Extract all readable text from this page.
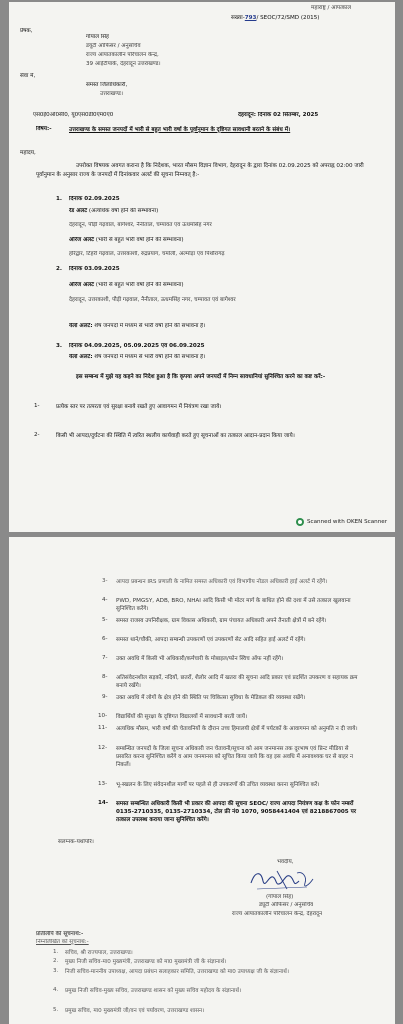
महाराष्ट्र / आपत्काल
संख्या-793/ SEOC/72/SMD (2015)
प्रेषक,
गोपाल सिंह
डयूटी ऑफिसर / अनुसचिव
राज्य आपातकालीन परिचालन केन्द्र,
39 आईटीपार्क, देहरादून उत्तराखण्ड।
सेवा में,
समस्त जिलाधिकारी,
उत्तराखण्ड।
एस0ई0ओ0सी0, यू0एस0डी0एम0ए0	देहरादून: दिनांक 02 सितम्बर, 2025
विषय:-	उत्तराखण्ड के समस्त जनपदों में भारी से बहुत भारी वर्षा के पूर्वानुमान के दृष्टिगत सावधानी बरतने के संबंध में।
महोदय,
उपरोक्त विषयक अवगत कराना है कि निदेशक, भारत मौसम विज्ञान विभाग, देहरादून के द्वारा दिनांक 02.09.2025 को अपराह्न 02:00 जारी पूर्वानुमान के अनुसार राज्य के जनपदों में दिनांकवार अलर्ट की सूचना निम्नवत् है:-
1. दिनांक 02.09.2025
रेड अलर्ट (अत्यधिक वर्षा होने की सम्भावना)
देहरादून, पौड़ी गढ़वाल, बागेश्वर, नैनीताल, चम्पावत एवं ऊधमसिंह नगर
ऑरेंज अलर्ट (भारी से बहुत भारी वर्षा होने की सम्भावना)
हरिद्वार, टिहरी गढ़वाल, उत्तरकाशी, रुद्रप्रयाग, चमोली, अल्मोड़ा एवं पिथौरागढ़
2. दिनांक 03.09.2025
ऑरेंज अलर्ट (भारी से बहुत भारी वर्षा होने की सम्भावना)
देहरादून, उत्तरकाशी, पौड़ी गढ़वाल, नैनीताल, ऊधमसिंह नगर, चम्पावत एवं बागेश्वर
येलो अलर्ट: शेष जनपदों में मध्यम से भारी वर्षा होने की संभावना है।
3. दिनांक 04.09.2025, 05.09.2025 एवं 06.09.2025
येलो अलर्ट: शेष जनपदों में मध्यम से भारी वर्षा होने की संभावना है।
इस सम्बन्ध में मुझे यह कहने का निदेश हुआ है कि कृपया अपने जनपदों में निम्न सावधानियां सुनिश्चित करने का कष्ट करें:-
1-	प्रत्येक स्तर पर तत्परता एवं सुरक्षा बनाये रखते हुए आवागमन में नियंत्रण रखा जाये।
2-	किसी भी आपदा/दुर्घटना की स्थिति में त्वरित स्थलीय कार्यवाही करते हुए सूचनाओं का तत्काल आदान-प्रदान किया जाये।
Scanned with OKEN Scanner
3- आपदा प्रबन्धन IRS प्रणाली के नामित समस्त अधिकारी एवं विभागीय नोडल अधिकारी हाई अलर्ट में रहेंगे।
4- PWD, PMGSY, ADB, BRO, NHAI आदि किसी भी मोटर मार्ग के बाधित होने की दशा में उसे तत्काल खुलवाना सुनिश्चित करेंगे।
5- समस्त राजस्व उपनिरीक्षक, ग्राम विकास अधिकारी, ग्राम पंचायत अधिकारी अपने तैनाती क्षेत्रों में बने रहेंगे।
6- समस्त थाने/चौकी, आपदा सम्बन्धी उपकरणों एवं उपकरणों सेट आदि सहित हाई अलर्ट में रहेंगे।
7- उक्त अवधि में किसी भी अधिकारी/कर्मचारी के मोबाइल/फोन स्विच ऑफ नहीं रहेंगे।
8- अतिसंवेदनशील सड़कों, नदियों, छतरों, शैलोर आदि में खतरा की सूचना आदि प्रकार एवं प्रदर्शित उपकरण व सहायक क्रम बनाये रखेंगे।
9- उक्त अवधि में लोगों के क्षेत्र होने की स्थिति पर चिकित्सा सुविधा के मेडिकल की व्यवस्था रखेंगे।
10- विद्यार्थियों की सुरक्षा के दृष्टिगत विद्यालयों में सावधानी बरती जायें।
11- अत्यधिक मौसम, भारी वर्षा की चेतावनियों के दौरान उच्च हिमालयी क्षेत्रों में पर्यटकों के आवागमन को अनुमति न दी जाये।
12- सम्बन्धित जनपदों के जिला सूचना अधिकारी जन चेतावनी/सूचना को आम जनमानस तक दूरभाष एवं प्रिन्ट मीडिया से प्रसारित करना सुनिश्चित करेंगे व आम जनमानस को सूचित किया जाये कि वह इस अवधि में अनावश्यक घर से बाहर न निकलें।
13- भू-स्खलन के लिए संवेदनशील मार्गों पर पहले से ही उपकरणों की उचित व्यवस्था करना सुनिश्चित करें।
14- समस्त सम्बन्धित अधिकारी किसी भी प्रकार की आपदा की सूचना SEOC/ राज्य आपदा नियंत्रण कक्ष के फोन नम्बरों 0135-2710335, 0135-2710334, टोल फ्री नं0 1070, 9058441404 एवं 8218867005 पर तत्काल उपलब्ध कराया जाना सुनिश्चित करेंगे।
संलग्नक-यथोपरि।
भवदीय,
(गोपाल सिंह)
ड्यूटी ऑफिसर / अनुसचिव
राज्य आपातकालीन परिचालन केन्द्र, देहरादून
प्रतिलिपि की सूचनार्थ:-
निम्नलिखित को सूचनार्थ:-
1. सचिव, श्री राज्यपाल, उत्तराखण्ड।
2. मुख्य निजी सचिव-मा0 मुख्यमंत्री, उत्तराखण्ड को मा0 मुख्यमंत्री जी के संज्ञानार्थ।
3. निजी सचिव-माननीय उपाध्यक्ष, आपदा प्रबंधन सलाहकार समिति, उत्तराखण्ड को मा0 उपाध्यक्ष जी के संज्ञानार्थ।
4. प्रमुख निजी सचिव-मुख्य सचिव, उत्तराखण्ड शासन को मुख्य सचिव महोदय के संज्ञानार्थ।
5. प्रमुख सचिव, मा0 मुख्यमंत्री जी/वन एवं पर्यावरण, उत्तराखण्ड शासन।
